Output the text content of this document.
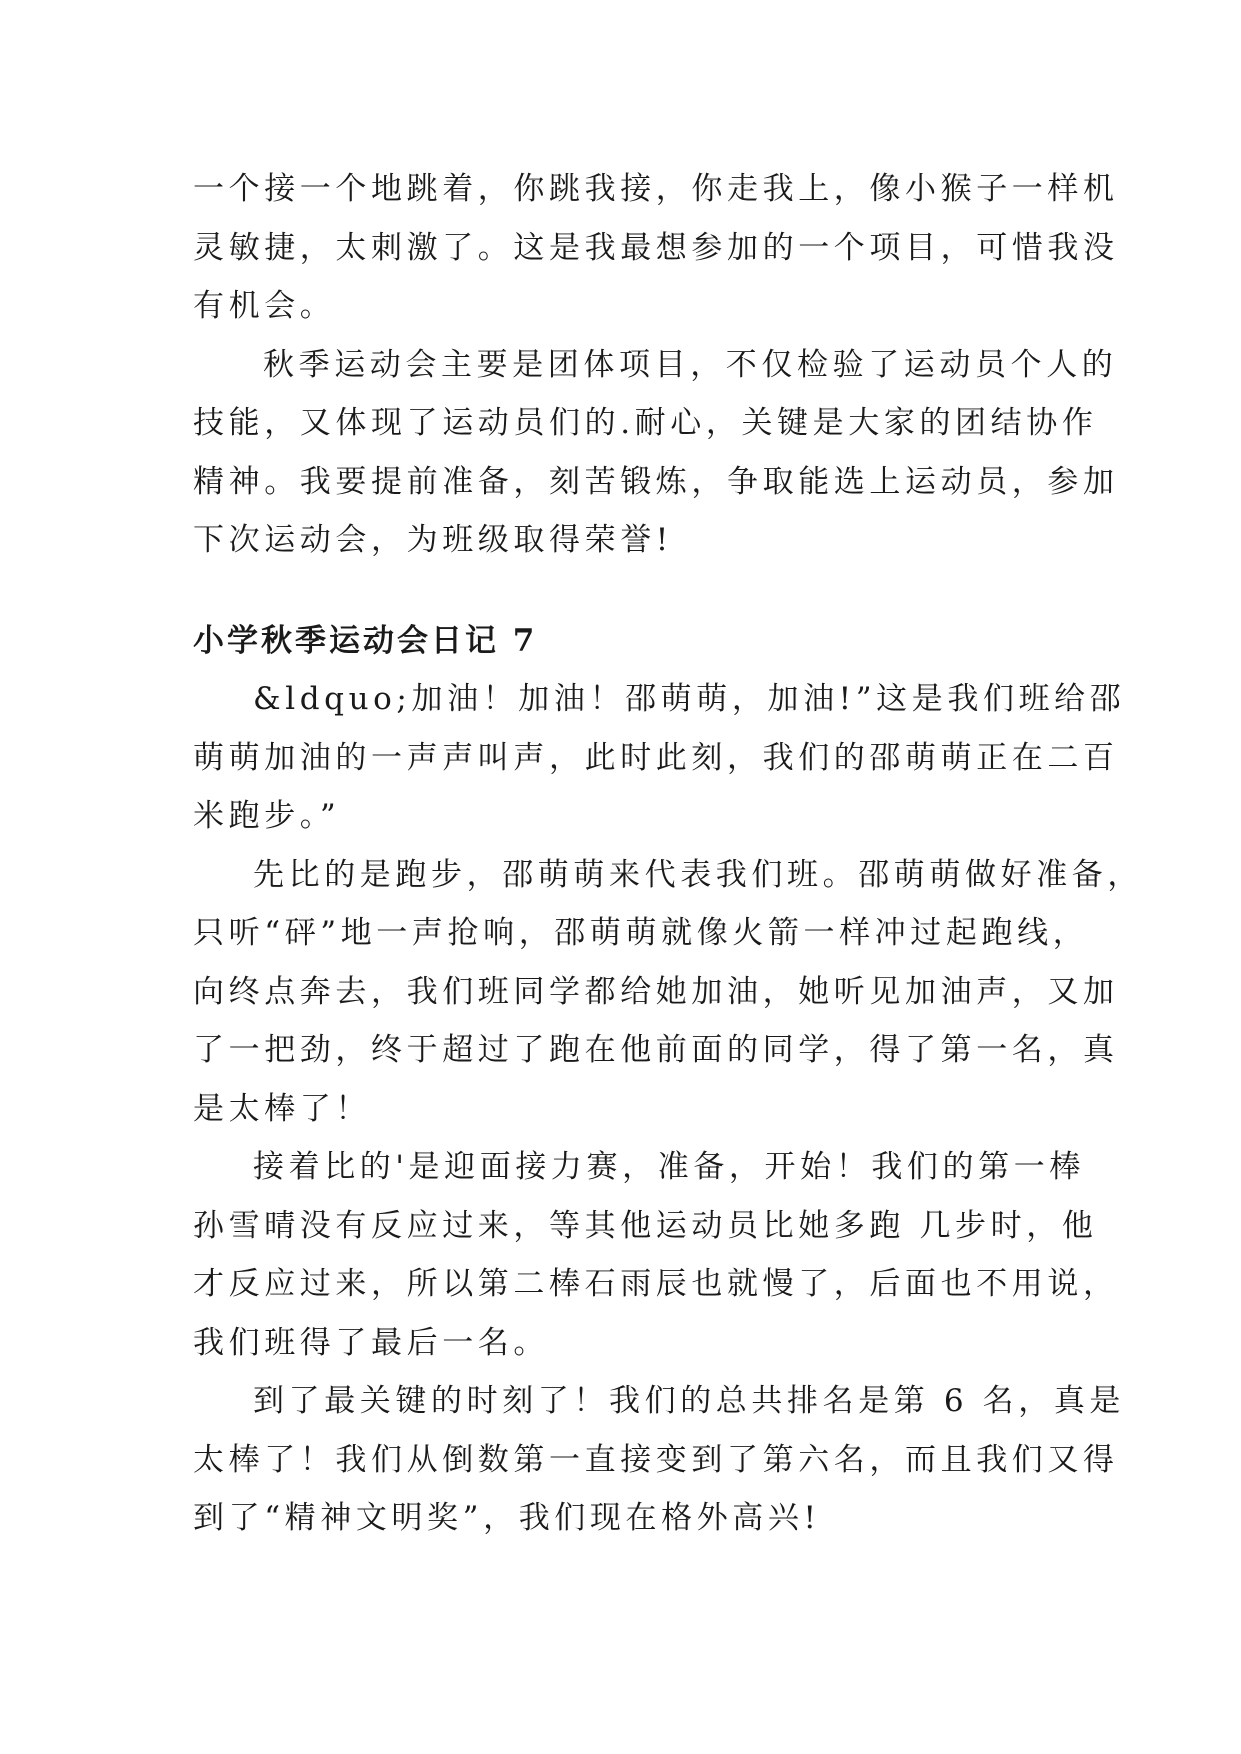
一个接一个地跳着，你跳我接，你走我上，像小猴子一样机
灵敏捷，太刺激了。这是我最想参加的一个项目，可惜我没
有机会。

秋季运动会主要是团体项目，不仅检验了运动员个人的
技能，又体现了运动员们的.耐心，关键是大家的团结协作
精神。我要提前准备，刻苦锻炼，争取能选上运动员，参加
下次运动会，为班级取得荣誉!

小学秋季运动会日记 7

&ldquo;加油！加油！邵萌萌，加油!”这是我们班给邵
萌萌加油的一声声叫声，此时此刻，我们的邵萌萌正在二百
米跑步。”

先比的是跑步，邵萌萌来代表我们班。邵萌萌做好准备，
只听“砰”地一声抢响，邵萌萌就像火箭一样冲过起跑线，
向终点奔去，我们班同学都给她加油，她听见加油声，又加
了一把劲，终于超过了跑在他前面的同学，得了第一名，真
是太棒了！

接着比的'是迎面接力赛，准备，开始！我们的第一棒
孙雪晴没有反应过来，等其他运动员比她多跑 几步时，他
才反应过来，所以第二棒石雨辰也就慢了，后面也不用说，
我们班得了最后一名。

到了最关键的时刻了！我们的总共排名是第 6 名，真是
太棒了！我们从倒数第一直接变到了第六名，而且我们又得
到了“精神文明奖”，我们现在格外高兴!
